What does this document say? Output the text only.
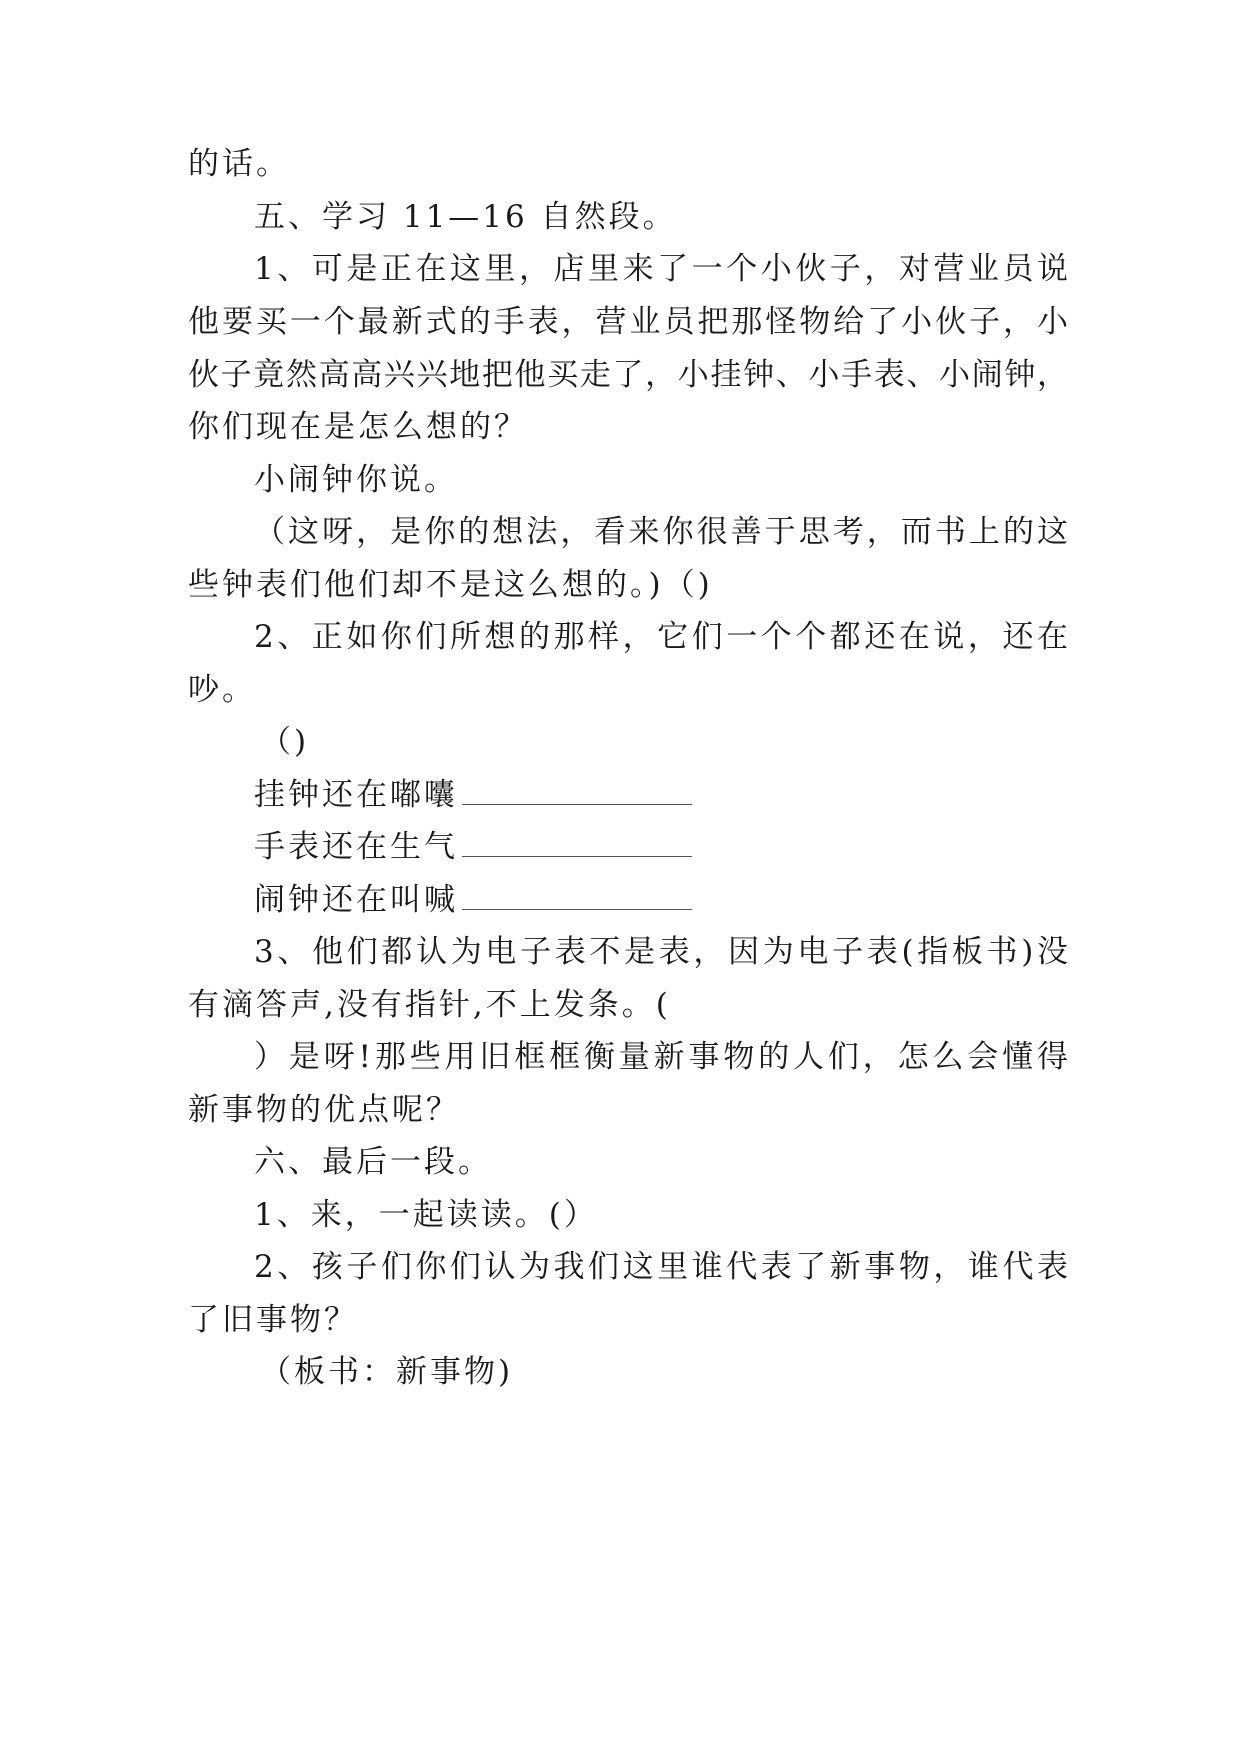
的话。
五、学习 11—16 自然段。
1、可是正在这里，店里来了一个小伙子，对营业员说
他要买一个最新式的手表，营业员把那怪物给了小伙子，小
伙子竟然高高兴兴地把他买走了，小挂钟、小手表、小闹钟，
你们现在是怎么想的？
小闹钟你说。
（这呀，是你的想法，看来你很善于思考，而书上的这
些钟表们他们却不是这么想的。)（)
2、正如你们所想的那样，它们一个个都还在说，还在
吵。
（)
挂钟还在嘟囔
手表还在生气
闹钟还在叫喊
3、他们都认为电子表不是表，因为电子表(指板书)没
有滴答声,没有指针,不上发条。(
）是呀!那些用旧框框衡量新事物的人们，怎么会懂得
新事物的优点呢？
六、最后一段。
1、来，一起读读。(）
2、孩子们你们认为我们这里谁代表了新事物，谁代表
了旧事物？
（板书：新事物)
